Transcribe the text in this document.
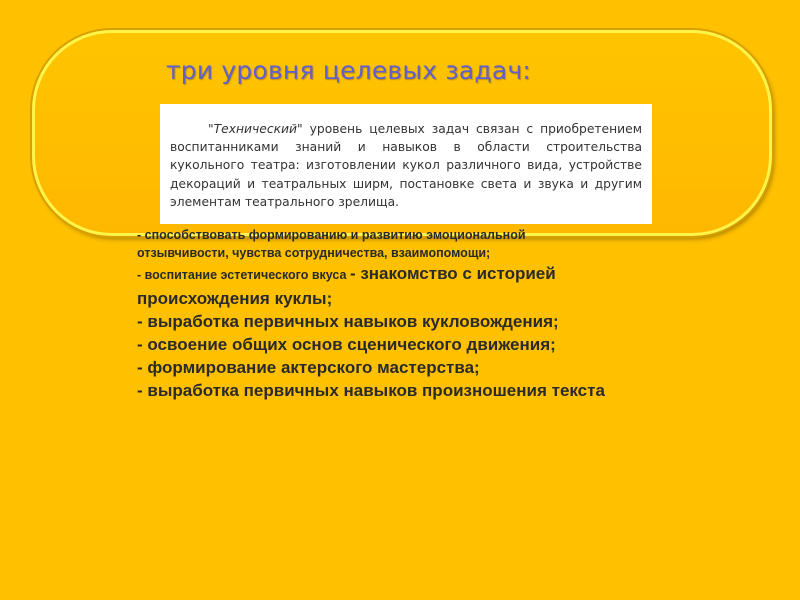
три уровня целевых задач:

"Технический" уровень целевых задач связан с приобретением воспитанниками знаний и навыков в области строительства кукольного театра: изготовлении кукол различного вида, устройстве декораций и театральных ширм, постановке света и звука и другим элементам театрального зрелища.

- способствовать формированию и развитию эмоциональной
отзывчивости, чувства сотрудничества, взаимопомощи;
- воспитание эстетического вкуса - знакомство с историей
происхождения куклы;
- выработка первичных навыков кукловождения;
- освоение общих основ сценического движения;
- формирование актерского мастерства;
- выработка первичных навыков произношения текста
